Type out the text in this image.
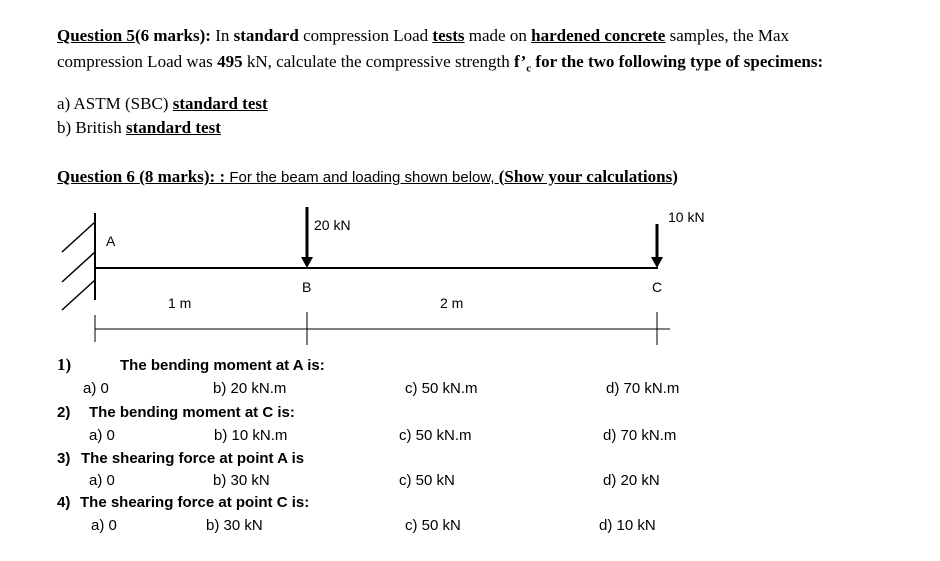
Question 5(6 marks): In standard compression Load tests made on hardened concrete samples, the Max
compression Load was 495 kN, calculate the compressive strength $f’_c$ for the two following type of specimens:
a) ASTM (SBC) standard test
b) British standard test
Question 6 (8 marks): : For the beam and loading shown below, (Show your calculations)
20 kN	10 kN
A
B	C
1 m	2 m
1)	The bending moment at A is:
a) 0	b) 20 kN.m	c) 50 kN.m	d) 70 kN.m
2) The bending moment at C is:
a) 0	b) 10 kN.m	c) 50 kN.m	d) 70 kN.m
3) The shearing force at point A is
a) 0	b) 30 kN	c) 50 kN	d) 20 kN
4) The shearing force at point C is:
a) 0	b) 30 kN	c) 50 kN	d) 10 kN
